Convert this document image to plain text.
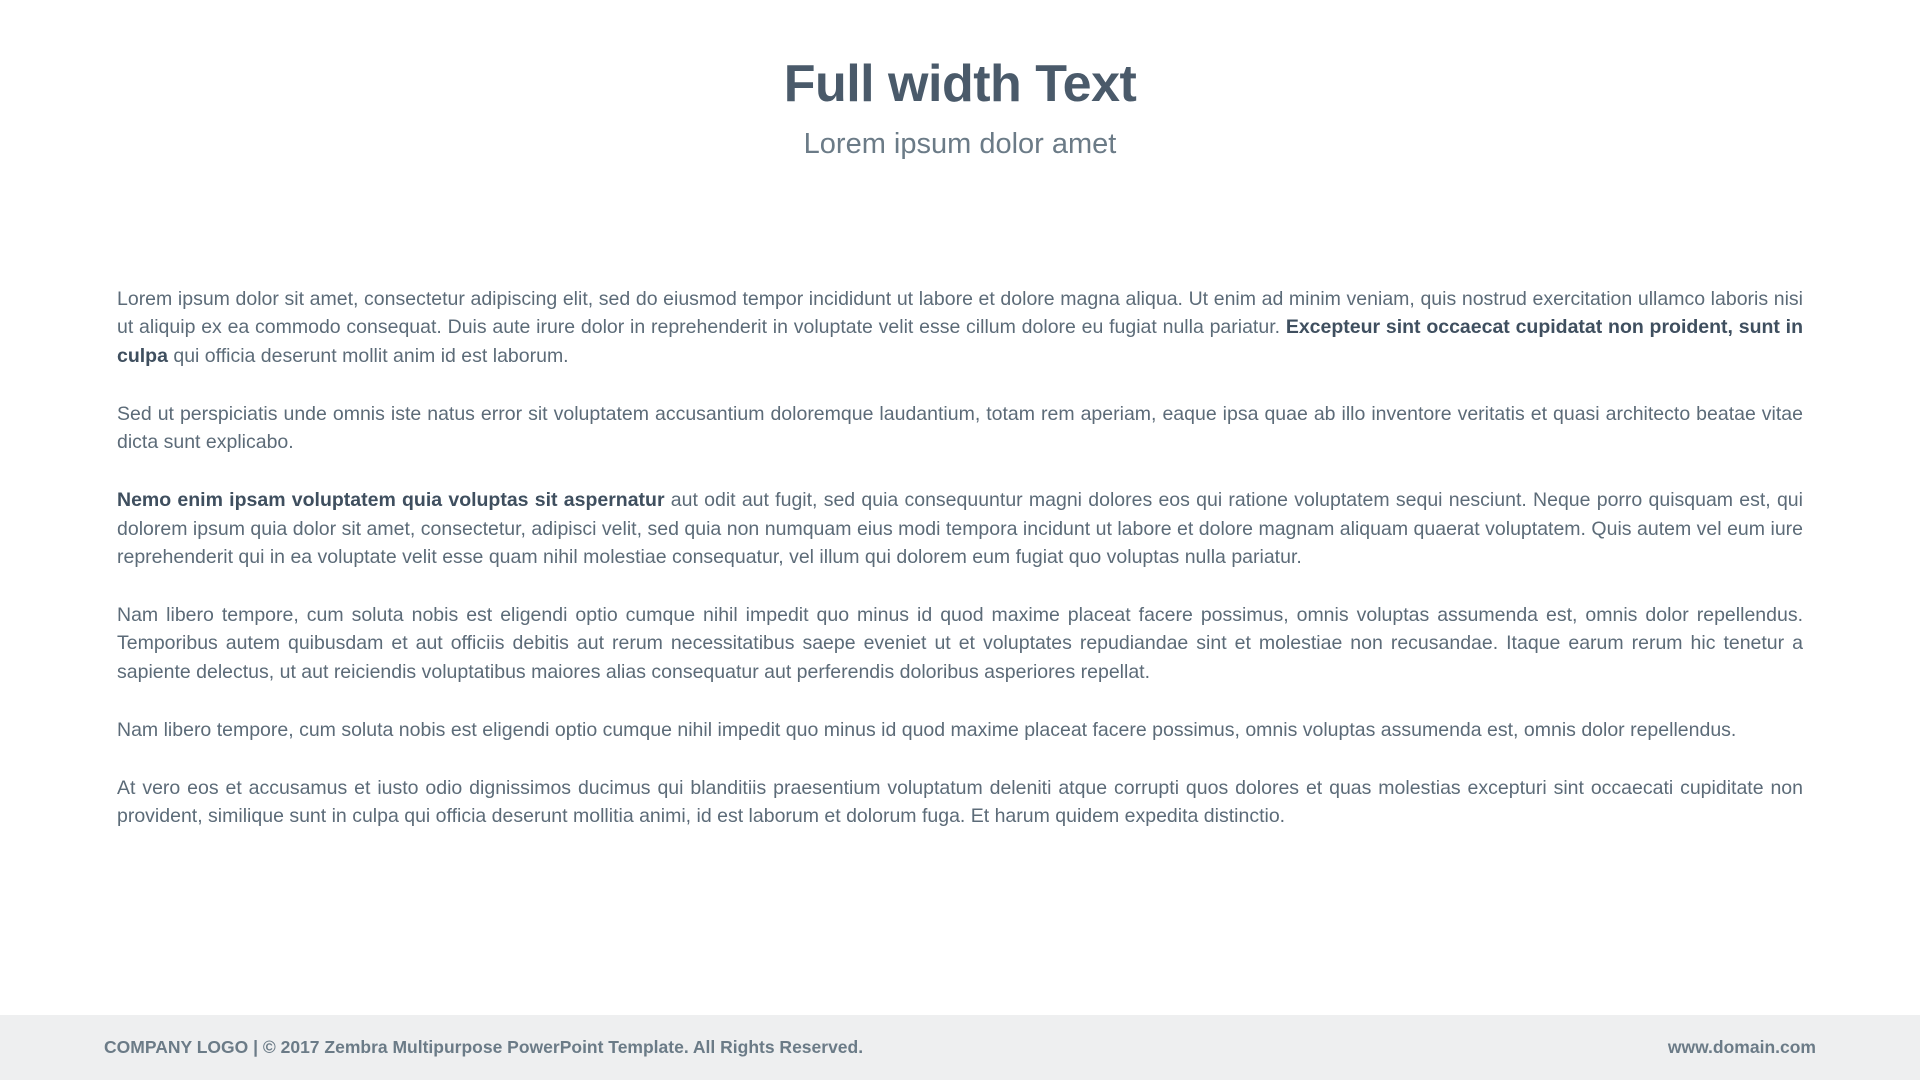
Full width Text
Lorem ipsum dolor amet

Lorem ipsum dolor sit amet, consectetur adipiscing elit, sed do eiusmod tempor incididunt ut labore et dolore magna aliqua. Ut enim ad minim veniam, quis nostrud exercitation ullamco laboris nisi ut aliquip ex ea commodo consequat. Duis aute irure dolor in reprehenderit in voluptate velit esse cillum dolore eu fugiat nulla pariatur. Excepteur sint occaecat cupidatat non proident, sunt in culpa qui officia deserunt mollit anim id est laborum.

Sed ut perspiciatis unde omnis iste natus error sit voluptatem accusantium doloremque laudantium, totam rem aperiam, eaque ipsa quae ab illo inventore veritatis et quasi architecto beatae vitae dicta sunt explicabo.

Nemo enim ipsam voluptatem quia voluptas sit aspernatur aut odit aut fugit, sed quia consequuntur magni dolores eos qui ratione voluptatem sequi nesciunt. Neque porro quisquam est, qui dolorem ipsum quia dolor sit amet, consectetur, adipisci velit, sed quia non numquam eius modi tempora incidunt ut labore et dolore magnam aliquam quaerat voluptatem. Quis autem vel eum iure reprehenderit qui in ea voluptate velit esse quam nihil molestiae consequatur, vel illum qui dolorem eum fugiat quo voluptas nulla pariatur.

Nam libero tempore, cum soluta nobis est eligendi optio cumque nihil impedit quo minus id quod maxime placeat facere possimus, omnis voluptas assumenda est, omnis dolor repellendus. Temporibus autem quibusdam et aut officiis debitis aut rerum necessitatibus saepe eveniet ut et voluptates repudiandae sint et molestiae non recusandae. Itaque earum rerum hic tenetur a sapiente delectus, ut aut reiciendis voluptatibus maiores alias consequatur aut perferendis doloribus asperiores repellat.

Nam libero tempore, cum soluta nobis est eligendi optio cumque nihil impedit quo minus id quod maxime placeat facere possimus, omnis voluptas assumenda est, omnis dolor repellendus.

At vero eos et accusamus et iusto odio dignissimos ducimus qui blanditiis praesentium voluptatum deleniti atque corrupti quos dolores et quas molestias excepturi sint occaecati cupiditate non provident, similique sunt in culpa qui officia deserunt mollitia animi, id est laborum et dolorum fuga. Et harum quidem expedita distinctio.

COMPANY LOGO | © 2017 Zembra Multipurpose PowerPoint Template. All Rights Reserved.	www.domain.com
